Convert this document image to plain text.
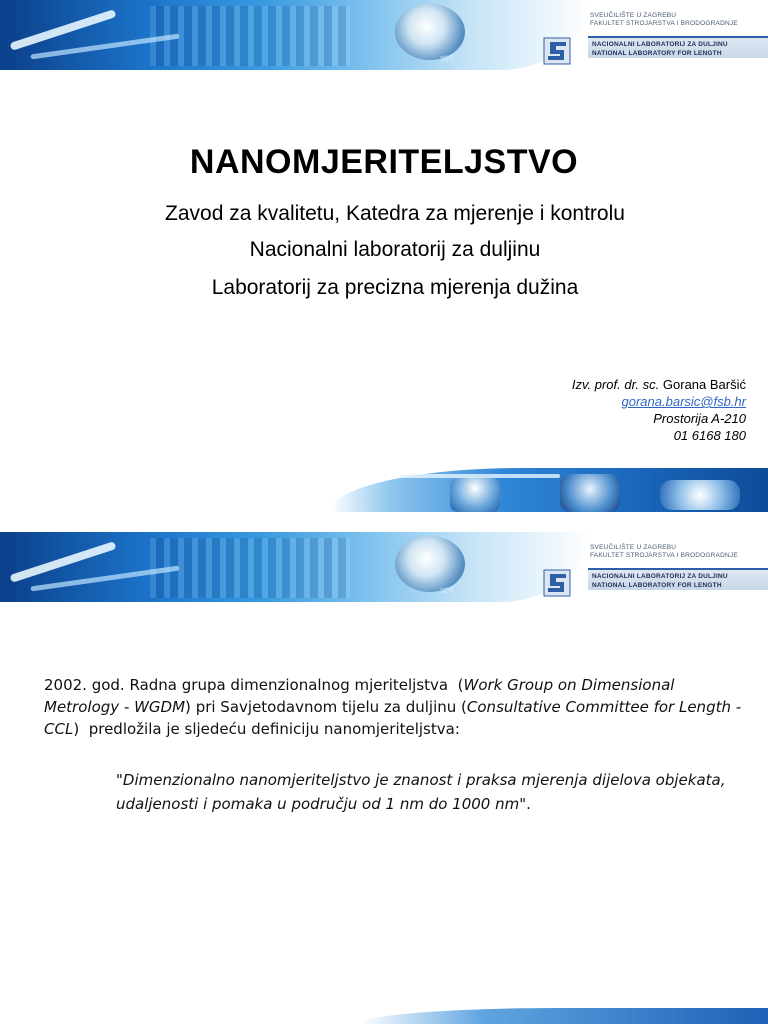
309
SVEUČILIŠTE U ZAGREBU
FAKULTET STROJARSTVA I BRODOGRADNJE
NACIONALNI LABORATORIJ ZA DULJINU
NATIONAL LABORATORY FOR LENGTH
NANOMJERITELJSTVO
Zavod za kvalitetu, Katedra za mjerenje i kontrolu
Nacionalni laboratorij za duljinu
Laboratorij za precizna mjerenja dužina
Izv. prof. dr. sc. Gorana Baršić
gorana.barsic@fsb.hr
Prostorija A-210
01 6168 180
309
SVEUČILIŠTE U ZAGREBU
FAKULTET STROJARSTVA I BRODOGRADNJE
NACIONALNI LABORATORIJ ZA DULJINU
NATIONAL LABORATORY FOR LENGTH
2002. god. Radna grupa dimenzionalnog mjeriteljstva (Work Group on Dimensional Metrology - WGDM) pri Savjetodavnom tijelu za duljinu (Consultative Committee for Length - CCL) predložila je sljedeću definiciju nanomjeriteljstva:
"Dimenzionalno nanomjeriteljstvo je znanost i praksa mjerenja dijelova objekata, udaljenosti i pomaka u području od 1 nm do 1000 nm".
